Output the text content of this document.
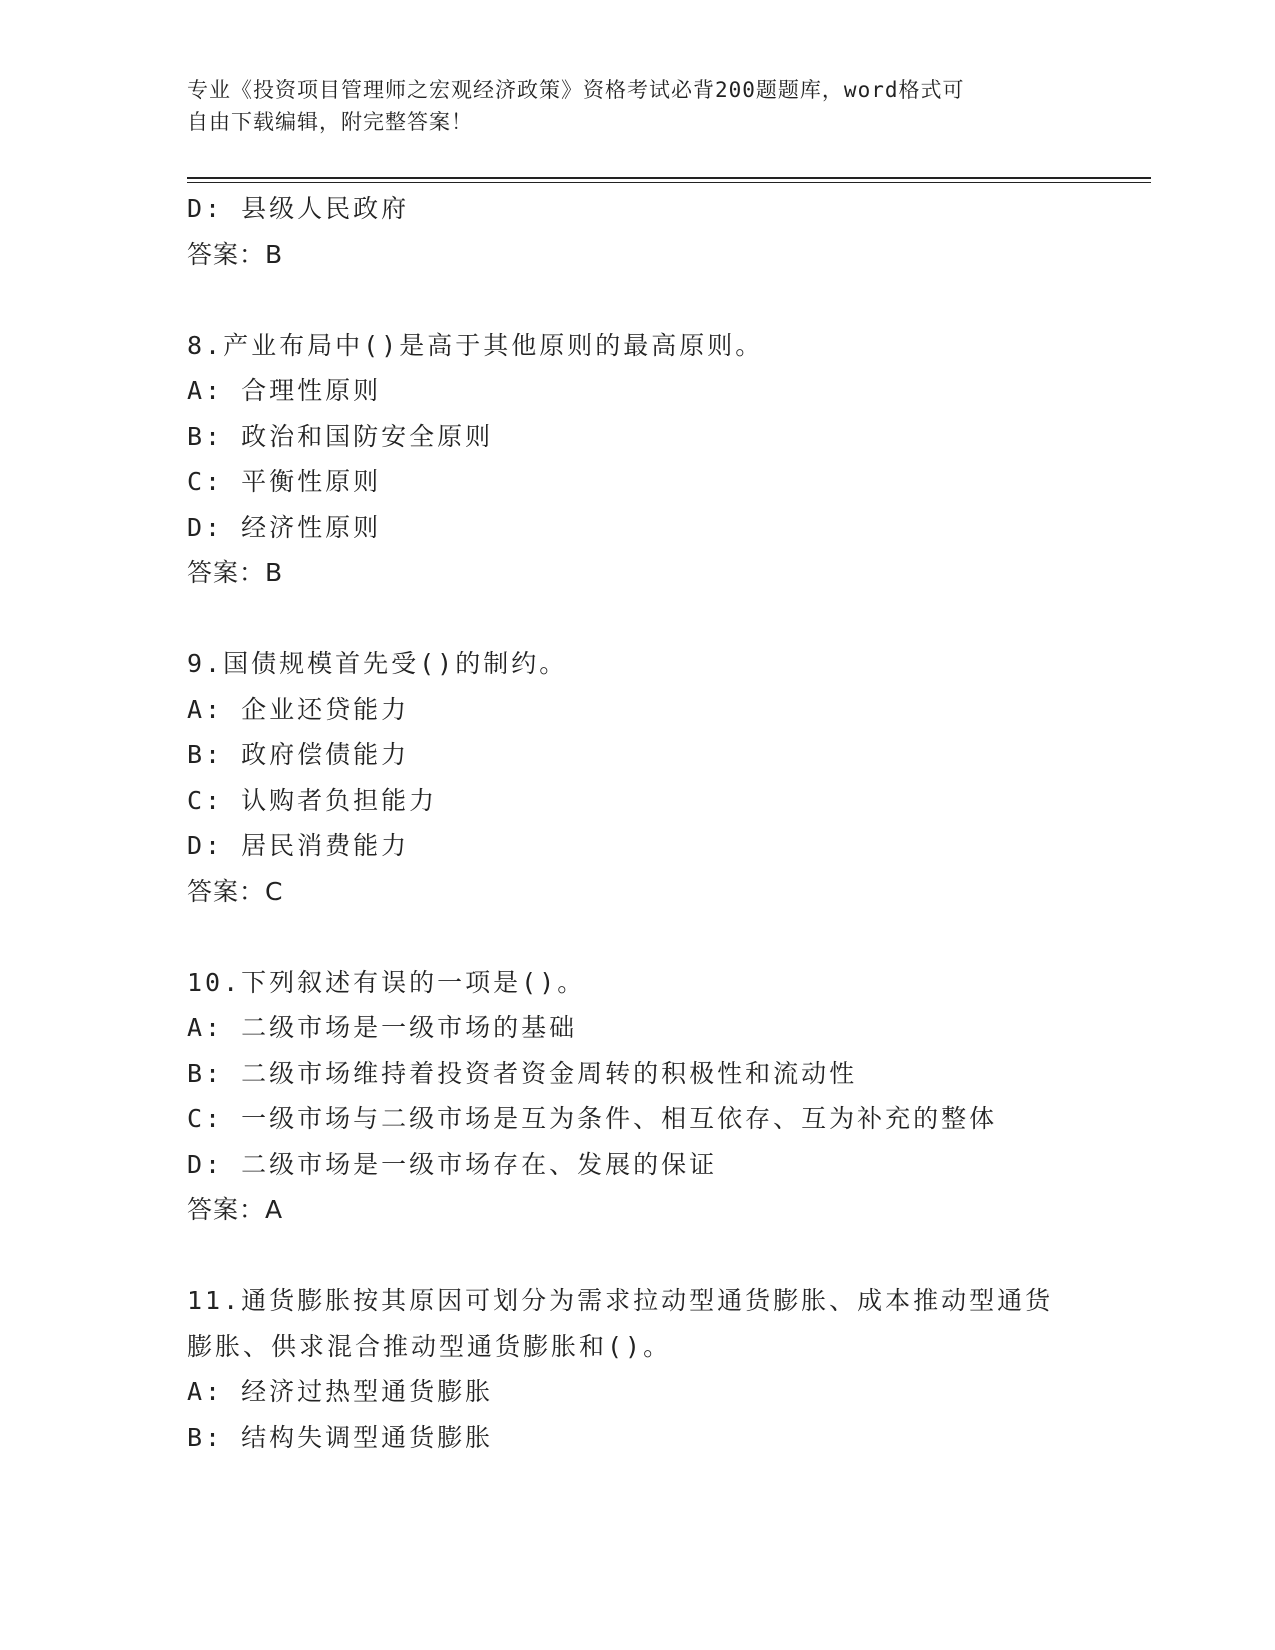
专业《投资项目管理师之宏观经济政策》资格考试必背200题题库，word格式可
自由下载编辑，附完整答案！
D: 县级人民政府
答案：B
8.产业布局中()是高于其他原则的最高原则。
A: 合理性原则
B: 政治和国防安全原则
C: 平衡性原则
D: 经济性原则
答案：B
9.国债规模首先受()的制约。
A: 企业还贷能力
B: 政府偿债能力
C: 认购者负担能力
D: 居民消费能力
答案：C
10.下列叙述有误的一项是()。
A: 二级市场是一级市场的基础
B: 二级市场维持着投资者资金周转的积极性和流动性
C: 一级市场与二级市场是互为条件、相互依存、互为补充的整体
D: 二级市场是一级市场存在、发展的保证
答案：A
11.通货膨胀按其原因可划分为需求拉动型通货膨胀、成本推动型通货
膨胀、供求混合推动型通货膨胀和()。
A: 经济过热型通货膨胀
B: 结构失调型通货膨胀
